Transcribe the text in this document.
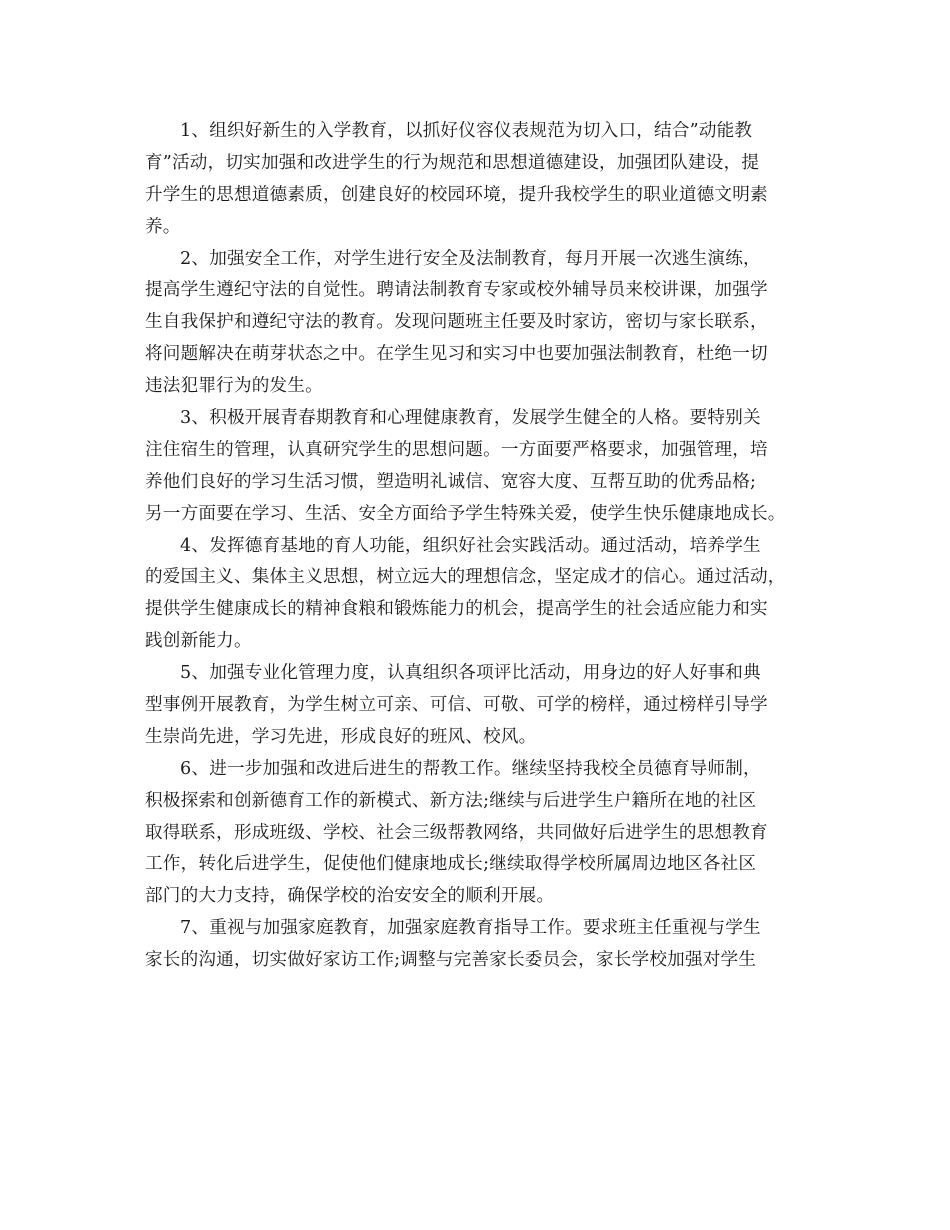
1、组织好新生的入学教育，以抓好仪容仪表规范为切入口，结合”动能教
育”活动，切实加强和改进学生的行为规范和思想道德建设，加强团队建设，提
升学生的思想道德素质，创建良好的校园环境，提升我校学生的职业道德文明素
养。

2、加强安全工作，对学生进行安全及法制教育，每月开展一次逃生演练，
提高学生遵纪守法的自觉性。聘请法制教育专家或校外辅导员来校讲课，加强学
生自我保护和遵纪守法的教育。发现问题班主任要及时家访，密切与家长联系，
将问题解决在萌芽状态之中。在学生见习和实习中也要加强法制教育，杜绝一切
违法犯罪行为的发生。

3、积极开展青春期教育和心理健康教育，发展学生健全的人格。要特别关
注住宿生的管理，认真研究学生的思想问题。一方面要严格要求，加强管理，培
养他们良好的学习生活习惯，塑造明礼诚信、宽容大度、互帮互助的优秀品格;
另一方面要在学习、生活、安全方面给予学生特殊关爱，使学生快乐健康地成长。

4、发挥德育基地的育人功能，组织好社会实践活动。通过活动，培养学生
的爱国主义、集体主义思想，树立远大的理想信念，坚定成才的信心。通过活动，
提供学生健康成长的精神食粮和锻炼能力的机会，提高学生的社会适应能力和实
践创新能力。

5、加强专业化管理力度，认真组织各项评比活动，用身边的好人好事和典
型事例开展教育，为学生树立可亲、可信、可敬、可学的榜样，通过榜样引导学
生崇尚先进，学习先进，形成良好的班风、校风。

6、进一步加强和改进后进生的帮教工作。继续坚持我校全员德育导师制，
积极探索和创新德育工作的新模式、新方法;继续与后进学生户籍所在地的社区
取得联系，形成班级、学校、社会三级帮教网络，共同做好后进学生的思想教育
工作，转化后进学生，促使他们健康地成长;继续取得学校所属周边地区各社区
部门的大力支持，确保学校的治安安全的顺利开展。

7、重视与加强家庭教育，加强家庭教育指导工作。要求班主任重视与学生
家长的沟通，切实做好家访工作;调整与完善家长委员会，家长学校加强对学生
